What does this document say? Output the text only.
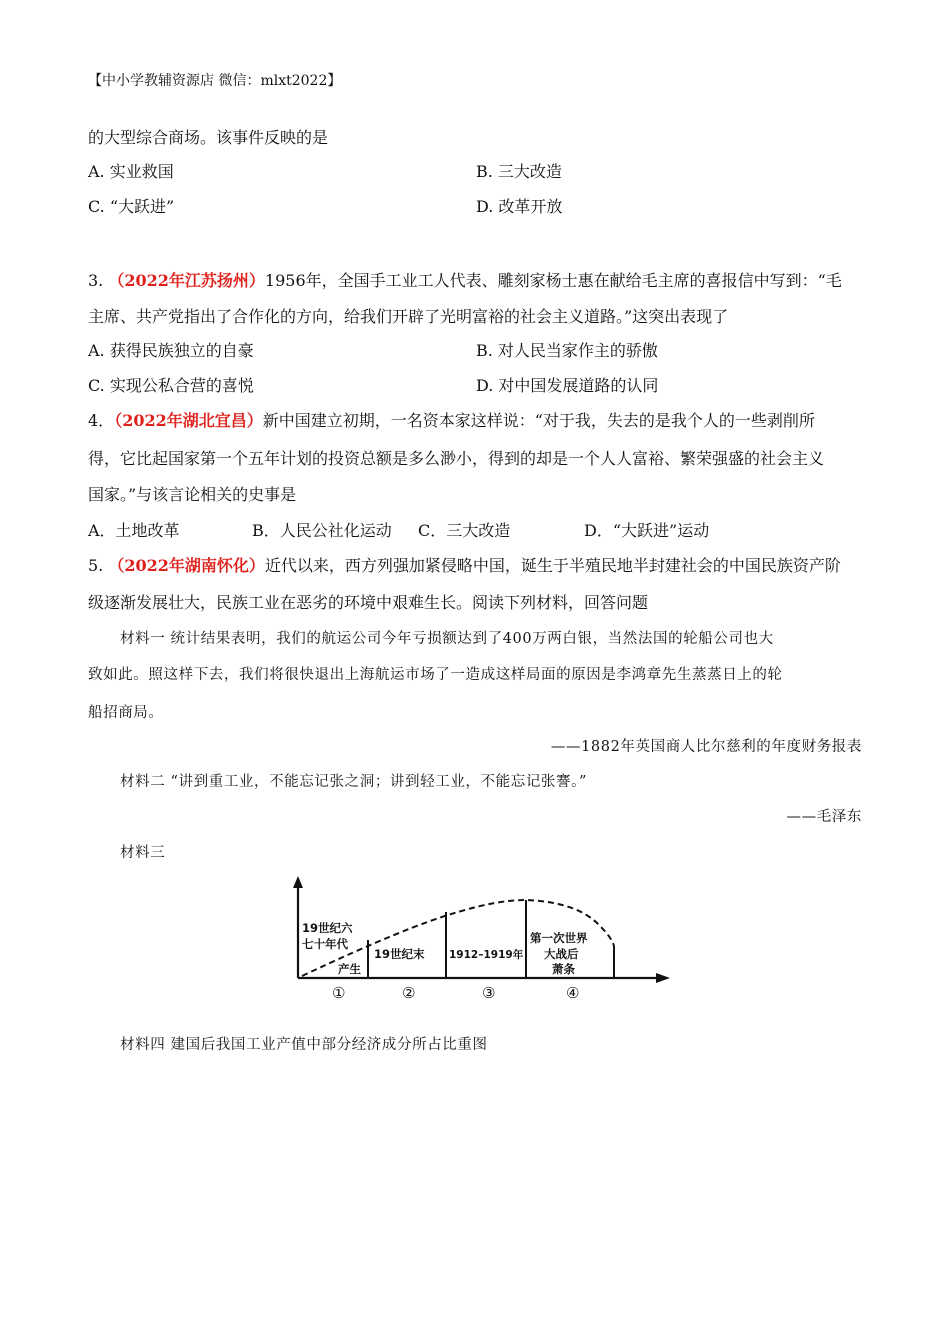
【中小学教辅资源店 微信：mlxt2022】
的大型综合商场。该事件反映的是
A. 实业救国	B. 三大改造
C. “大跃进”	D. 改革开放
3. （2022年江苏扬州）1956年，全国手工业工人代表、雕刻家杨士惠在献给毛主席的喜报信中写到：“毛
主席、共产党指出了合作化的方向，给我们开辟了光明富裕的社会主义道路。”这突出表现了
A. 获得民族独立的自豪	B. 对人民当家作主的骄傲
C. 实现公私合营的喜悦	D. 对中国发展道路的认同
4．（2022年湖北宜昌）新中国建立初期，一名资本家这样说：“对于我，失去的是我个人的一些剥削所
得，它比起国家第一个五年计划的投资总额是多么渺小，得到的却是一个人人富裕、繁荣强盛的社会主义
国家。”与该言论相关的史事是
A．土地改革	B．人民公社化运动 C．三大改造	D．“大跃进”运动
5. （2022年湖南怀化）近代以来，西方列强加紧侵略中国，诞生于半殖民地半封建社会的中国民族资产阶
级逐渐发展壮大，民族工业在恶劣的环境中艰难生长。阅读下列材料，回答问题
材料一 统计结果表明，我们的航运公司今年亏损额达到了400万两白银，当然法国的轮船公司也大
致如此。照这样下去，我们将很快退出上海航运市场了一造成这样局面的原因是李鸿章先生蒸蒸日上的轮
船招商局。
——1882年英国商人比尔慈利的年度财务报表
材料二 “讲到重工业，不能忘记张之洞；讲到轻工业，不能忘记张謇。”
——毛泽东
材料三
19世纪六
七十年代
产生
19世纪末 1912–1919年
第一次世界
大战后
萧条
①	②	③	④
材料四 建国后我国工业产值中部分经济成分所占比重图
